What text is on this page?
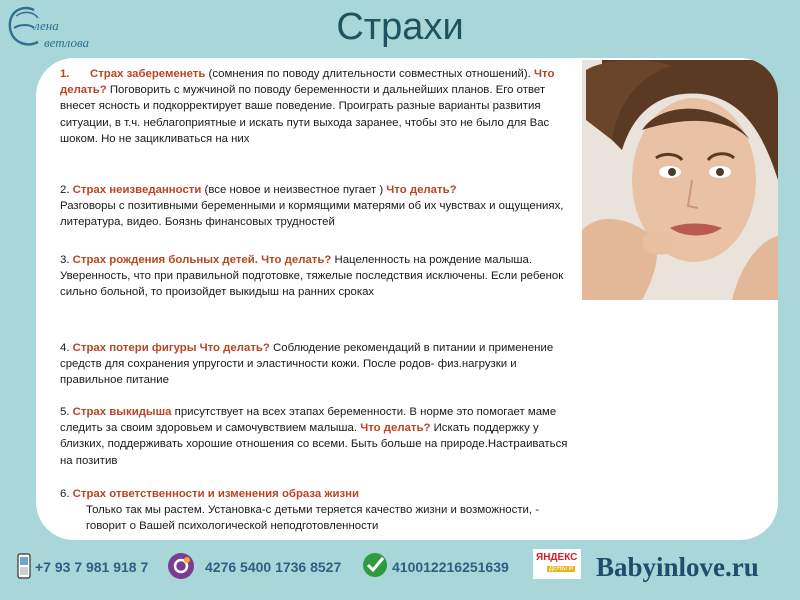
лена
ветлова	Страхи
1. Страх забеременеть (сомнения по поводу длительности совместных отношений). Что делать? Поговорить с мужчиной по поводу беременности и дальнейших планов. Его ответ внесет ясность и подкорректирует ваше поведение. Проиграть разные варианты развития ситуации, в т.ч. неблагоприятные и искать пути выхода заранее, чтобы это не было для Вас шоком. Но не зацикливаться на них
2. Страх неизведанности (все новое и неизвестное пугает ) Что делать?
Разговоры с позитивными беременными и кормящими матерями об их чувствах и ощущениях, литература, видео. Боязнь финансовых трудностей
3. Страх рождения больных детей. Что делать? Нацеленность на рождение малыша. Уверенность, что при правильной подготовке, тяжелые последствия исключены. Если ребенок сильно больной, то произойдет выкидыш на ранних сроках
4. Страх потери фигуры Что делать? Соблюдение рекомендаций в питании и применение средств для сохранения упругости и эластичности кожи. После родов- физ.нагрузки и правильное питание
5. Страх выкидыша присутствует на всех этапах беременности. В норме это помогает маме следить за своим здоровьем и самочувствием малыша. Что делать? Искать поддержку у близких, поддерживать хорошие отношения со всеми. Быть больше на природе.Настраиваться на позитив
6. Страх ответственности и изменения образа жизни
Только так мы растем. Установка-с детьми теряется качество жизни и возможности, - говорит о Вашей психологической неподготовленности
+7 93 7 981 918 7	4276 5400 1736 8527	41001221625163​9
ЯНДЕКС
ДЕНЬГИ Babyinlove.ru
